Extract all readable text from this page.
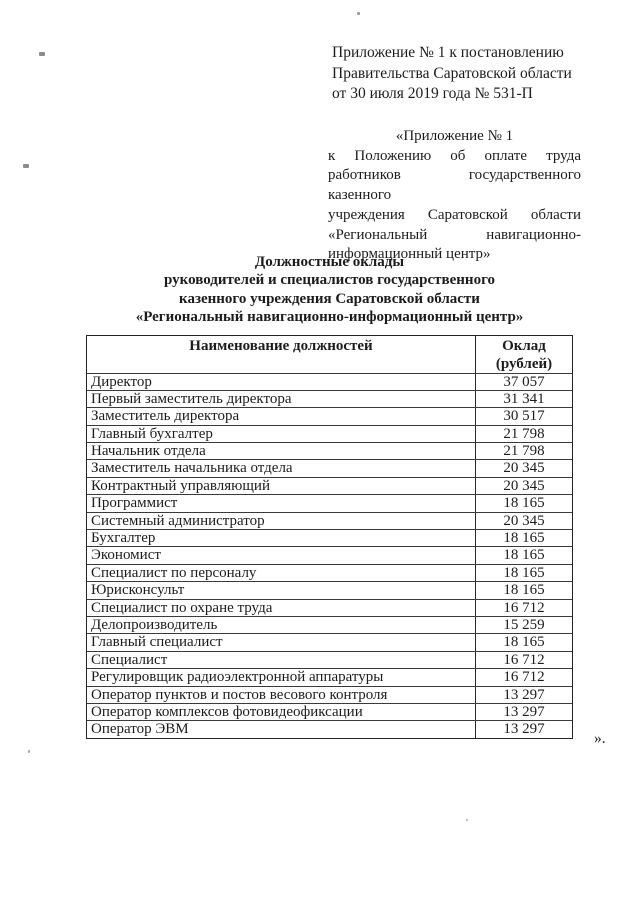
Приложение № 1 к постановлению
Правительства Саратовской области
от 30 июля 2019 года № 531-П
«Приложение № 1
к Положению об оплате труда
работников государственного казенного
учреждения Саратовской области
«Региональный навигационно-
информационный центр»
Должностные оклады
руководителей и специалистов государственного
казенного учреждения Саратовской области
«Региональный навигационно-информационный центр»
Наименование должностей	Оклад
(рублей)
Директор	37 057
Первый заместитель директора	31 341
Заместитель директора	30 517
Главный бухгалтер	21 798
Начальник отдела	21 798
Заместитель начальника отдела	20 345
Контрактный управляющий	20 345
Программист	18 165
Системный администратор	20 345
Бухгалтер	18 165
Экономист	18 165
Специалист по персоналу	18 165
Юрисконсульт	18 165
Специалист по охране труда	16 712
Делопроизводитель	15 259
Главный специалист	18 165
Специалист	16 712
Регулировщик радиоэлектронной аппаратуры	16 712
Оператор пунктов и постов весового контроля	13 297
Оператор комплексов фотовидеофиксации	13 297
Оператор ЭВМ	13 297
».
